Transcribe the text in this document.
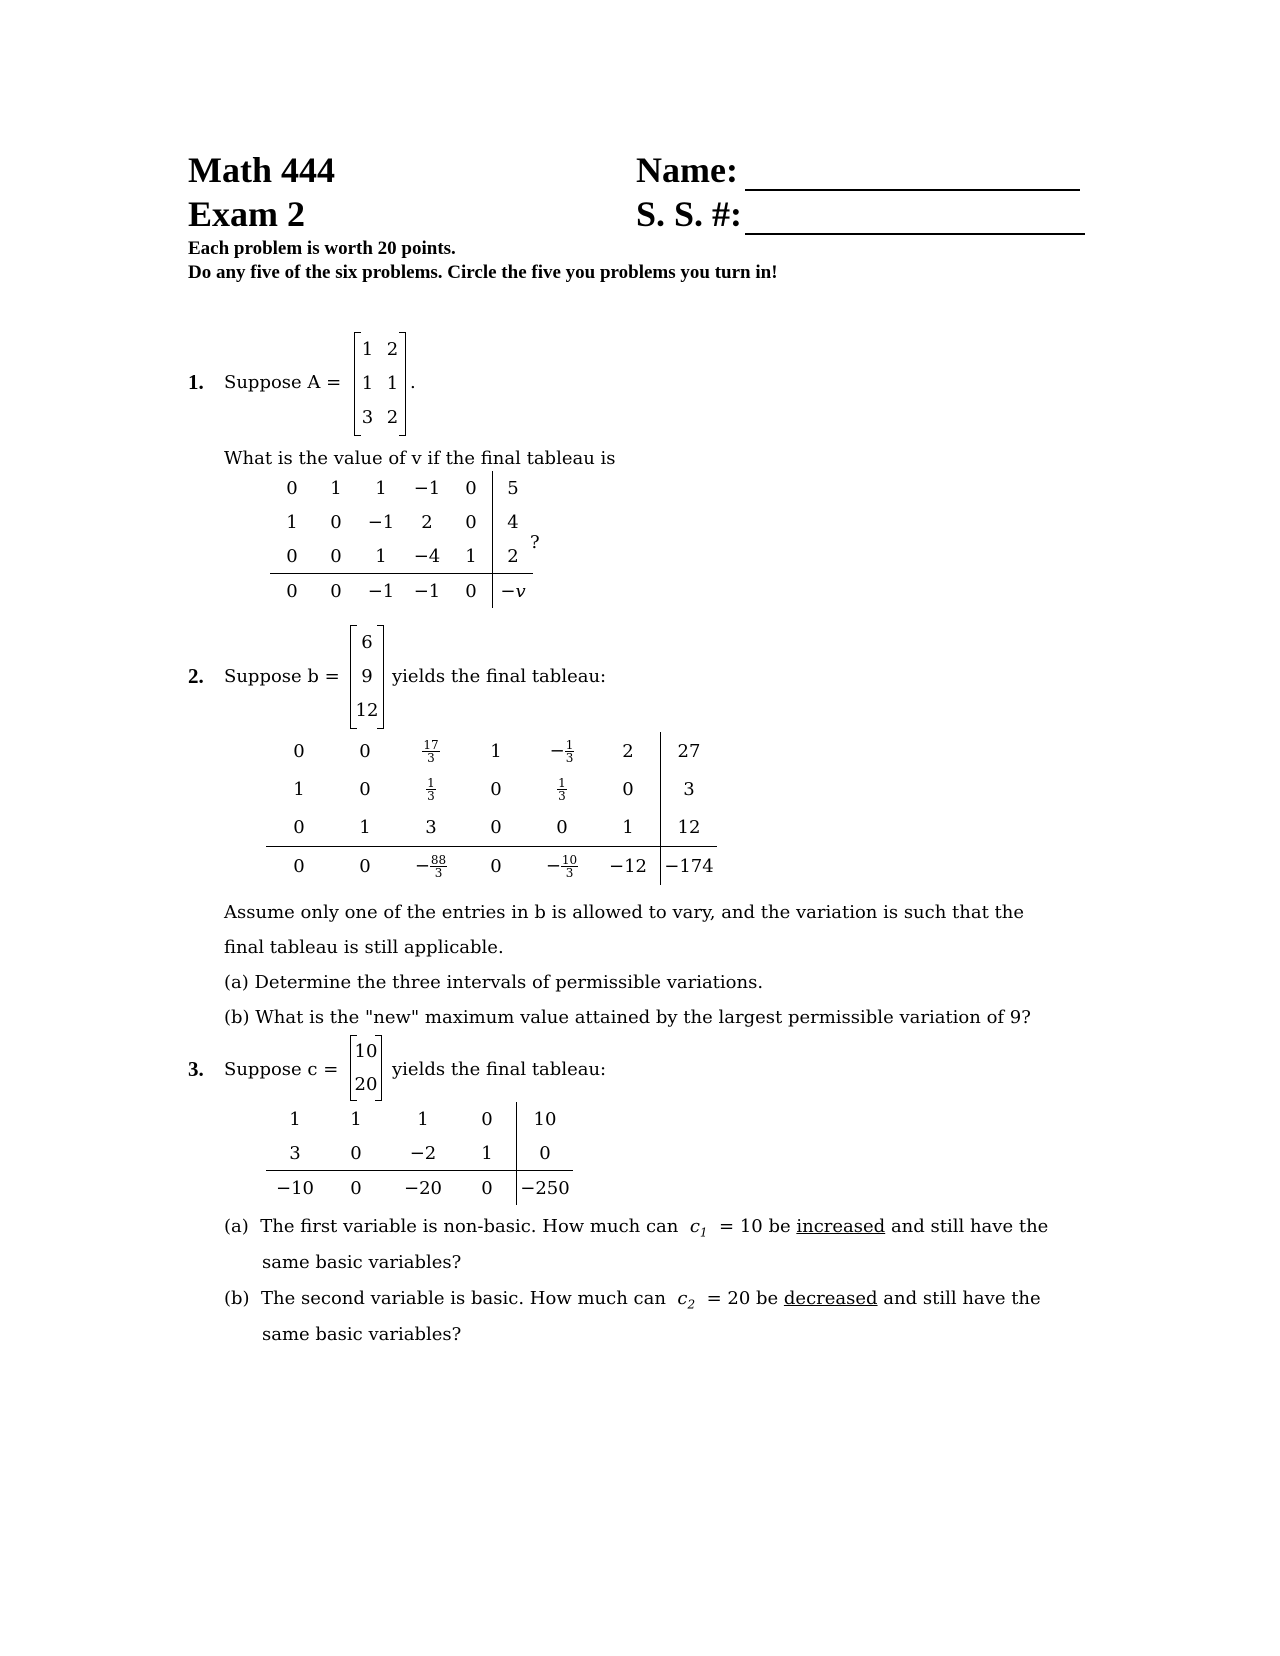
Math 444
Exam 2
Name:
S. S. #:
Each problem is worth 20 points.
Do any five of the six problems. Circle the five you problems you turn in!
1. Suppose A =
1	2
1	1
3	2
.
What is the value of v if the final tableau is
0	1	1	−1	0	5
1	0	−1	2	0	4
0	0	1	−4	1	2
0	0	−1	−1	0	−v
?
2. Suppose b =
6
9
12
yields the final tableau:
0	0	$\frac{17}{3}$	1	− $\frac{1}{3}$	2	27
1	0	$\frac{1}{3}$	0	$\frac{1}{3}$	0	3
0	1	3	0	0	1	12
0	0	− $\frac{88}{3}$	0	− $\frac{10}{3}$	−12	−174
Assume only one of the entries in b is allowed to vary, and the variation is such that the
final tableau is still applicable.
(a) Determine the three intervals of permissible variations.
(b) What is the "new" maximum value attained by the largest permissible variation of 9?
3. Suppose c =
10
20
yields the final tableau:
1	1	1	0	10
3	0	−2	1	0
−10	0	−20	0	−250
(a) The first variable is non-basic. How much can $c_1 = 10$ be increased and still have the
same basic variables?
(b) The second variable is basic. How much can $c_2 = 20$ be decreased and still have the
same basic variables?
